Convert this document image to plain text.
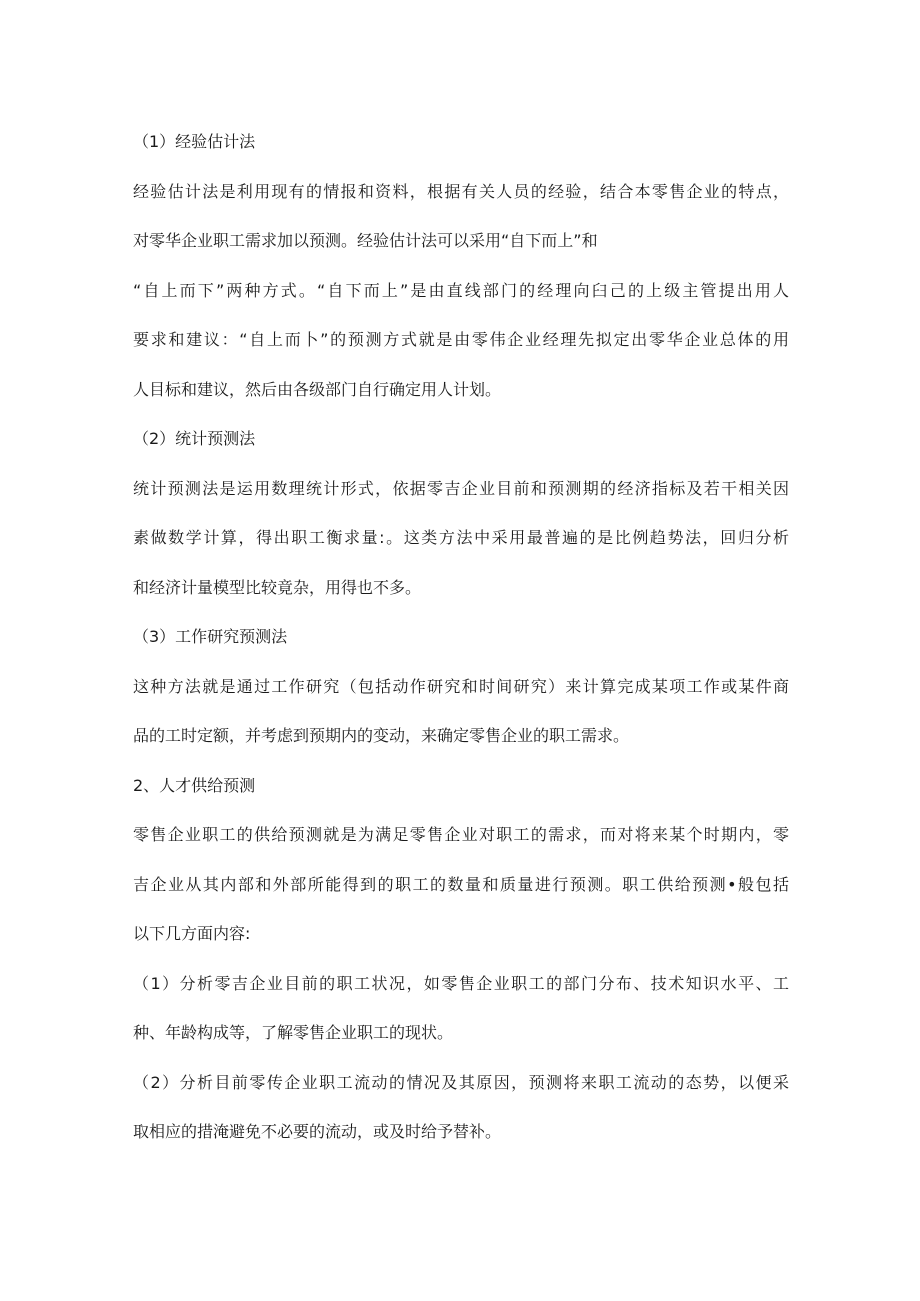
（1）经验估计法
经验估计法是利用现有的情报和资料，根据有关人员的经验，结合本零售企业的特点，
对零华企业职工需求加以预测。经验估计法可以采用“自下而上”和
“自上而下”两种方式。“自下而上”是由直线部门的经理向臼己的上级主管提出用人
要求和建议：“自上而卜”的预测方式就是由零伟企业经理先拟定出零华企业总体的用
人目标和建议，然后由各级部门自行确定用人计划。
（2）统计预测法
统计预测法是运用数理统计形式，依据零吉企业目前和预测期的经济指标及若干相关因
素做数学计算，得出职工衡求量:。这类方法中采用最普遍的是比例趋势法，回归分析
和经济计量模型比较竟杂，用得也不多。
（3）工作研究预测法
这种方法就是通过工作研究（包括动作研究和时间研究）来计算完成某项工作或某件商
品的工时定额，并考虑到预期内的变动，来确定零售企业的职工需求。
2、人才供给预测
零售企业职工的供给预测就是为满足零售企业对职工的需求，而对将来某个时期内，零
吉企业从其内部和外部所能得到的职工的数量和质量进行预测。职工供给预测•般包括
以下几方面内容:
（1）分析零吉企业目前的职工状况，如零售企业职工的部门分布、技术知识水平、工
种、年龄构成等，了解零售企业职工的现状。
（2）分析目前零传企业职工流动的情况及其原因，预测将来职工流动的态势，以便采
取相应的措淹避免不必要的流动，或及时给予替补。
